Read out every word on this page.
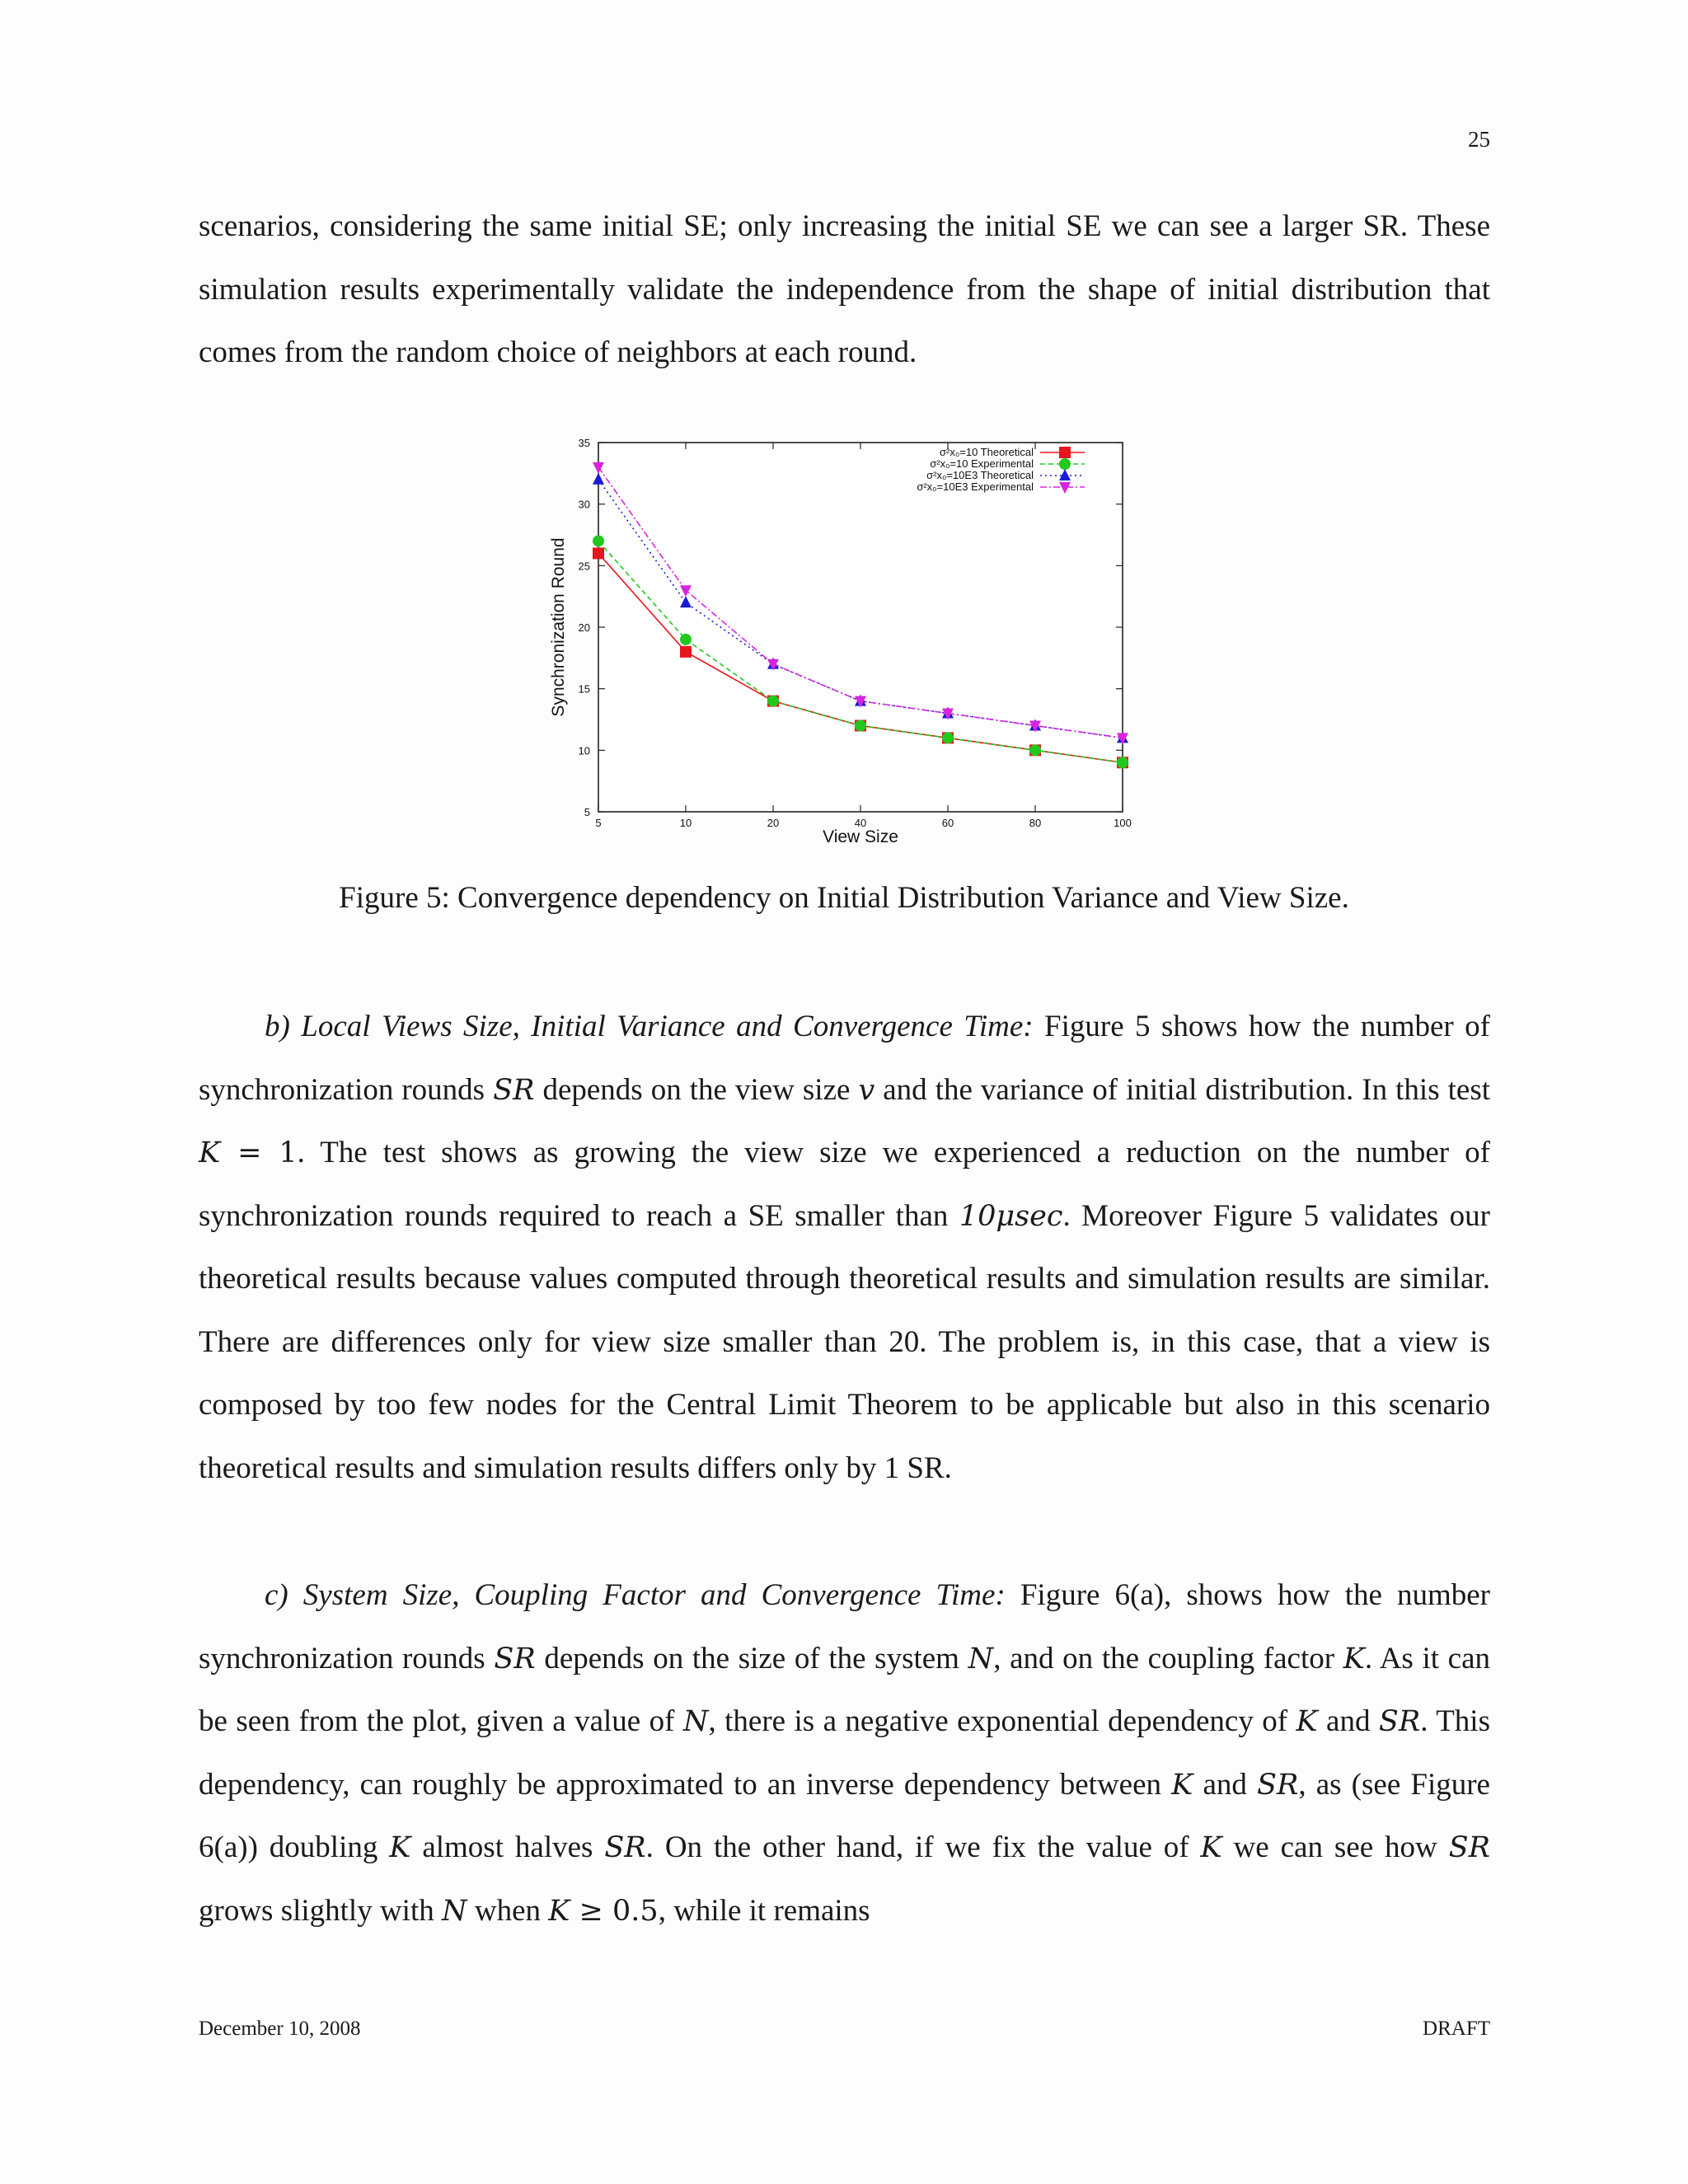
25

scenarios, considering the same initial SE; only increasing the initial SE we can see a larger SR. These simulation results experimentally validate the independence from the shape of initial distribution that comes from the random choice of neighbors at each round.

5
10
15
20
25
30
35
5	10	20	40	60	80	100
σ²x₀=10 Theoretical
σ²x₀=10 Experimental
σ²x₀=10E3 Theoretical
σ²x₀=10E3 Experimental
View Size
Synchronization Round
Figure 5: Convergence dependency on Initial Distribution Variance and View Size.

b) Local Views Size, Initial Variance and Convergence Time: Figure 5 shows how the number of synchronization rounds SR depends on the view size v and the variance of initial distribution. In this test K = 1. The test shows as growing the view size we experienced a reduction on the number of synchronization rounds required to reach a SE smaller than 10μsec. Moreover Figure 5 validates our theoretical results because values computed through theoretical results and simulation results are similar. There are differences only for view size smaller than 20. The problem is, in this case, that a view is composed by too few nodes for the Central Limit Theorem to be applicable but also in this scenario theoretical results and simulation results differs only by 1 SR.

c) System Size, Coupling Factor and Convergence Time: Figure 6(a), shows how the number synchronization rounds SR depends on the size of the system N, and on the coupling factor K. As it can be seen from the plot, given a value of N, there is a negative exponential dependency of K and SR. This dependency, can roughly be approximated to an inverse dependency between K and SR, as (see Figure 6(a)) doubling K almost halves SR. On the other hand, if we fix the value of K we can see how SR grows slightly with N when K ≥ 0.5, while it remains

December 10, 2008	DRAFT
